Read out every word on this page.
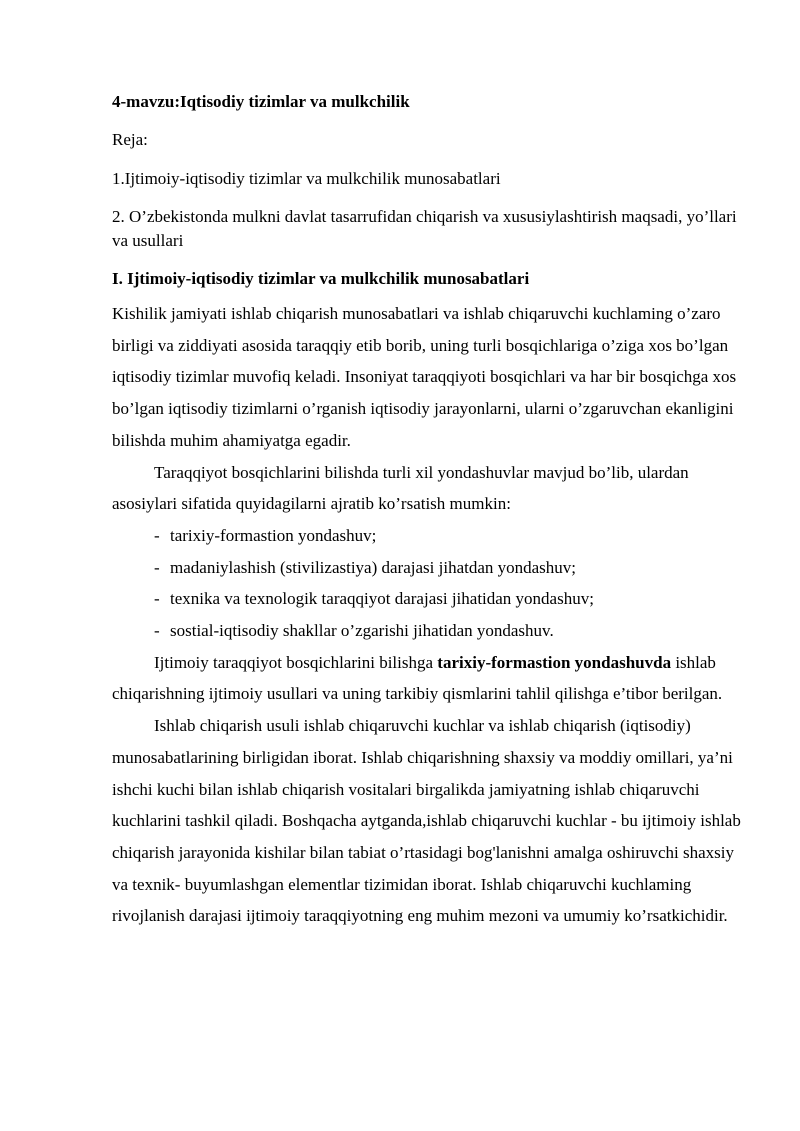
4-mavzu:Iqtisodiy tizimlar va mulkchilik
Reja:
1.Ijtimoiy-iqtisodiy tizimlar va mulkchilik munosabatlari
2. O’zbekistonda mulkni davlat tasarrufidan chiqarish va xususiylashtirish maqsadi, yo’llari va usullari
I. Ijtimoiy-iqtisodiy tizimlar va mulkchilik munosabatlari

Kishilik jamiyati ishlab chiqarish munosabatlari va ishlab chiqaruvchi kuchlaming o’zaro birligi va ziddiyati asosida taraqqiy etib borib, uning turli bosqichlariga o’ziga xos bo’lgan iqtisodiy tizimlar muvofiq keladi. Insoniyat taraqqiyoti bosqichlari va har bir bosqichga xos bo’lgan iqtisodiy tizimlarni o’rganish iqtisodiy jarayonlarni, ularni o’zgaruvchan ekanligini bilishda muhim ahamiyatga egadir.

Taraqqiyot bosqichlarini bilishda turli xil yondashuvlar mavjud bo’lib, ulardan asosiylari sifatida quyidagilarni ajratib ko’rsatish mumkin:

- tarixiy-formastion yondashuv;
- madaniylashish (stivilizastiya) darajasi jihatdan yondashuv;
- texnika va texnologik taraqqiyot darajasi jihatidan yondashuv;
- sostial-iqtisodiy shakllar o’zgarishi jihatidan yondashuv.

Ijtimoiy taraqqiyot bosqichlarini bilishga tarixiy-formastion yondashuvda ishlab chiqarishning ijtimoiy usullari va uning tarkibiy qismlarini tahlil qilishga e’tibor berilgan.

Ishlab chiqarish usuli ishlab chiqaruvchi kuchlar va ishlab chiqarish (iqtisodiy) munosabatlarining birligidan iborat. Ishlab chiqarishning shaxsiy va moddiy omillari, ya’ni ishchi kuchi bilan ishlab chiqarish vositalari birgalikda jamiyatning ishlab chiqaruvchi kuchlarini tashkil qiladi. Boshqacha aytganda,ishlab chiqaruvchi kuchlar - bu ijtimoiy ishlab chiqarish jarayonida kishilar bilan tabiat o’rtasidagi bog'lanishni amalga oshiruvchi shaxsiy va texnik- buyumlashgan elementlar tizimidan iborat. Ishlab chiqaruvchi kuchlaming rivojlanish darajasi ijtimoiy taraqqiyotning eng muhim mezoni va umumiy ko’rsatkichidir.
